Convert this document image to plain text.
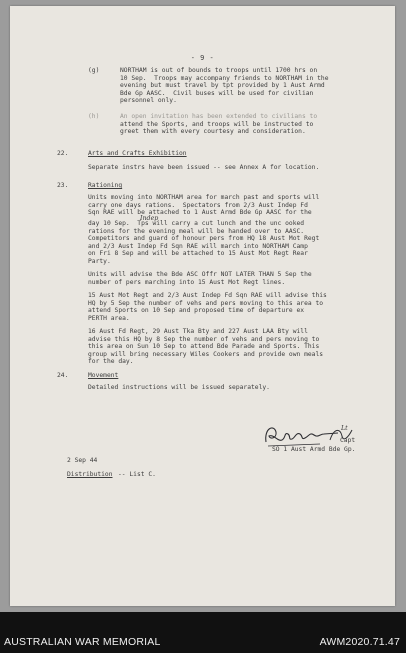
- 9 -
(g)	NORTHAM is out of bounds to troops until 1700 hrs on
10 Sep.  Troops may accompany friends to NORTHAM in the
evening but must travel by tpt provided by 1 Aust Armd
Bde Gp AASC.  Civil buses will be used for civilian
personnel only.
(h)	An open invitation has been extended to civilians to
attend the Sports, and troops will be instructed to
greet them with every courtesy and consideration.
22.	Arts and Crafts Exhibition
Separate instrs have been issued -- see Annex A for location.
23.	Rationing
Units moving into NORTHAM area for march past and sports will
carry one days rations.  Spectators from 2/3 Aust Indep Fd
Sqn RAE will be attached to 1 Aust Armd Bde Gp AASC for the
Indep
day 10 Sep.  Tps will carry a cut lunch and the unc ooked
rations for the evening meal will be handed over to AASC.
Competitors and guard of honour pers from HQ 18 Aust Mot Regt
and 2/3 Aust Indep Fd Sqn RAE will march into NORTHAM Camp
on Fri 8 Sep and will be attached to 15 Aust Mot Regt Rear
Party.
Units will advise the Bde ASC Offr NOT LATER THAN 5 Sep the
number of pers marching into 15 Aust Mot Regt lines.
15 Aust Mot Regt and 2/3 Aust Indep Fd Sqn RAE will advise this
HQ by 5 Sep the number of vehs and pers moving to this area to
attend Sports on 10 Sep and proposed time of departure ex
PERTH area.
16 Aust Fd Regt, 29 Aust Tka Bty and 227 Aust LAA Bty will
advise this HQ by 8 Sep the number of vehs and pers moving to
this area on Sun 10 Sep to attend Bde Parade and Sports. This
group will bring necessary Wiles Cookers and provide own meals
for the day.
24.	Movement
Detailed instructions will be issued separately.
Lt
Capt
SO 1 Aust Armd Bde Gp.
2 Sep 44
Distribution -- List C.
AUSTRALIAN WAR MEMORIAL	AWM2020.71.47
